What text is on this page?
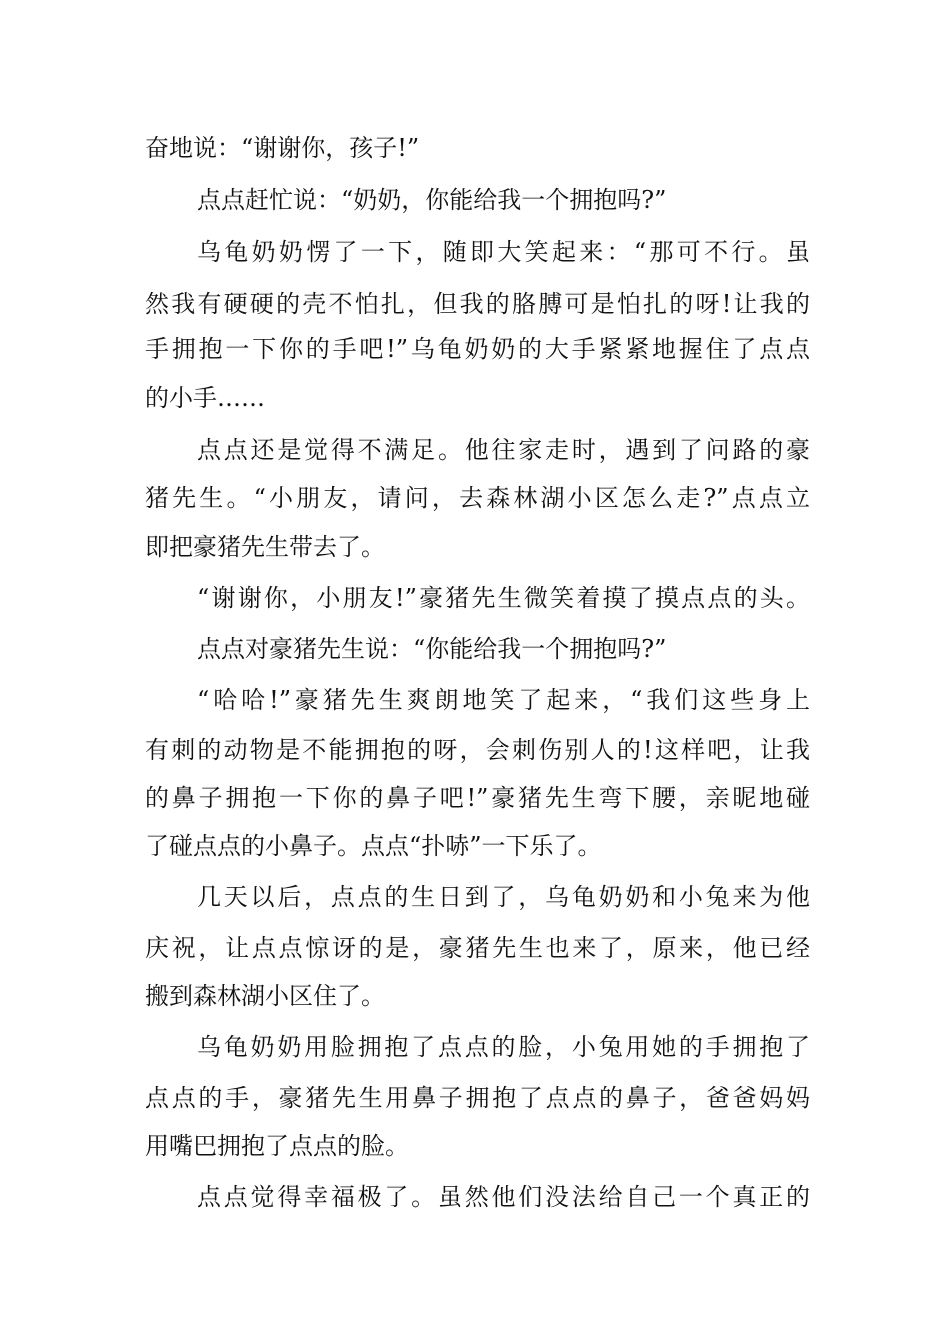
奋地说：“谢谢你，孩子!”
点点赶忙说：“奶奶，你能给我一个拥抱吗?”
乌龟奶奶愣了一下，随即大笑起来：“那可不行。虽
然我有硬硬的壳不怕扎，但我的胳膊可是怕扎的呀!让我的
手拥抱一下你的手吧!”乌龟奶奶的大手紧紧地握住了点点
的小手……
点点还是觉得不满足。他往家走时，遇到了问路的豪
猪先生。“小朋友，请问，去森林湖小区怎么走?”点点立
即把豪猪先生带去了。
“谢谢你，小朋友!”豪猪先生微笑着摸了摸点点的头。
点点对豪猪先生说：“你能给我一个拥抱吗?”
“哈哈!”豪猪先生爽朗地笑了起来，“我们这些身上
有刺的动物是不能拥抱的呀，会刺伤别人的!这样吧，让我
的鼻子拥抱一下你的鼻子吧!”豪猪先生弯下腰，亲昵地碰
了碰点点的小鼻子。点点“扑哧”一下乐了。
几天以后，点点的生日到了，乌龟奶奶和小兔来为他
庆祝，让点点惊讶的是，豪猪先生也来了，原来，他已经
搬到森林湖小区住了。
乌龟奶奶用脸拥抱了点点的脸，小兔用她的手拥抱了
点点的手，豪猪先生用鼻子拥抱了点点的鼻子，爸爸妈妈
用嘴巴拥抱了点点的脸。
点点觉得幸福极了。虽然他们没法给自己一个真正的
